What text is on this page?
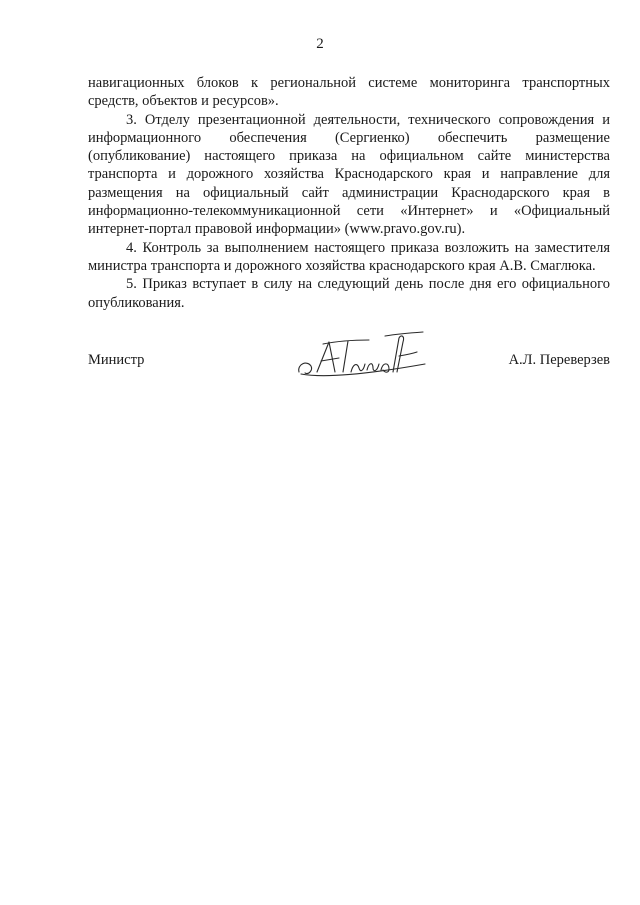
2

навигационных блоков к региональной системе мониторинга транспортных средств, объектов и ресурсов».

3. Отделу презентационной деятельности, технического сопровождения и информационного обеспечения (Сергиенко) обеспечить размещение (опубликование) настоящего приказа на официальном сайте министерства транспорта и дорожного хозяйства Краснодарского края и направление для размещения на официальный сайт администрации Краснодарского края в информационно-телекоммуникационной сети «Интернет» и «Официальный интернет-портал правовой информации» (www.pravo.gov.ru).

4. Контроль за выполнением настоящего приказа возложить на заместителя министра транспорта и дорожного хозяйства краснодарского края А.В. Смаглюка.

5. Приказ вступает в силу на следующий день после дня его официального опубликования.

Министр	А.Л. Переверзев
